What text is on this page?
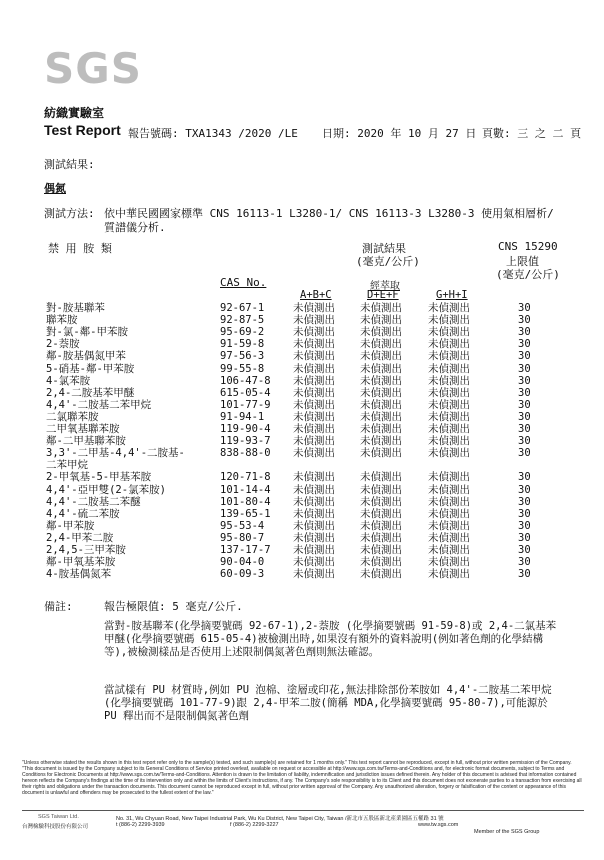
SGS
紡織實驗室
Test Report 報告號碼: TXA1343 /2020 /LE 日期: 2020 年 10 月 27 日 頁數: 三 之 二 頁
測試結果:
偶氮
測試方法: 依中華民國國家標準 CNS 16113-1 L3280-1/ CNS 16113-3 L3280-3 使用氣相層析/
質譜儀分析.
禁 用 胺 類	測試結果
(毫克/公斤)
CNS 15290
上限值
(毫克/公斤)
CAS No.	經萃取
A+B+C	D+E+F	G+H+I
對-胺基聯苯	92-67-1	未偵測出 未偵測出 未偵測出	30
聯苯胺	92-87-5	未偵測出 未偵測出 未偵測出	30
對-氯-鄰-甲苯胺	95-69-2	未偵測出 未偵測出 未偵測出	30
2-萘胺	91-59-8	未偵測出 未偵測出 未偵測出	30
鄰-胺基偶氮甲苯	97-56-3	未偵測出 未偵測出 未偵測出	30
5-硝基-鄰-甲苯胺	99-55-8	未偵測出 未偵測出 未偵測出	30
4-氯苯胺	106-47-8 未偵測出 未偵測出 未偵測出	30
2,4-二胺基苯甲醚	615-05-4 未偵測出 未偵測出 未偵測出	30
4,4'-二胺基二苯甲烷	101-77-9 未偵測出 未偵測出 未偵測出	30
二氯聯苯胺	91-94-1	未偵測出 未偵測出 未偵測出	30
二甲氧基聯苯胺	119-90-4 未偵測出 未偵測出 未偵測出	30
鄰-二甲基聯苯胺	119-93-7 未偵測出 未偵測出 未偵測出	30
3,3'-二甲基-4,4'-二胺基-	838-88-0 未偵測出 未偵測出 未偵測出	30
二苯甲烷
2-甲氧基-5-甲基苯胺	120-71-8 未偵測出 未偵測出 未偵測出	30
4,4'-亞甲雙(2-氯苯胺)	101-14-4 未偵測出 未偵測出 未偵測出	30
4,4'-二胺基二苯醚	101-80-4 未偵測出 未偵測出 未偵測出	30
4,4'-硫二苯胺	139-65-1 未偵測出 未偵測出 未偵測出	30
鄰-甲苯胺	95-53-4	未偵測出 未偵測出 未偵測出	30
2,4-甲苯二胺	95-80-7	未偵測出 未偵測出 未偵測出	30
2,4,5-三甲苯胺	137-17-7 未偵測出 未偵測出 未偵測出	30
鄰-甲氧基苯胺	90-04-0	未偵測出 未偵測出 未偵測出	30
4-胺基偶氮苯	60-09-3	未偵測出 未偵測出 未偵測出	30
備註:	報告極限值: 5 毫克/公斤.
當對-胺基聯苯(化學摘要號碼 92-67-1),2-萘胺 (化學摘要號碼 91-59-8)或 2,4-二氯基苯甲醚(化學摘要號碼 615-05-4)被檢測出時,如果沒有額外的資料說明(例如著色劑的化學結構等),被檢測樣品是否使用上述限制偶氮著色劑則無法確認。
當試樣有 PU 材質時,例如 PU 泡棉、塗層或印花,無法排除部份苯胺如 4,4'-二胺基二苯甲烷(化學摘要號碼 101-77-9)跟 2,4-甲苯二胺(簡稱 MDA,化學摘要號碼 95-80-7),可能源於 PU 釋出而不是限制偶氮著色劑
"Unless otherwise stated the results shown in this test report refer only to the sample(s) tested, and such sample(s) are retained for 1 months only." This test report cannot be reproduced, except in full, without prior written permission of the Company. "This document is issued by the Company subject to its General Conditions of Service printed overleaf, available on request or accessible at http://www.sgs.com.tw/Terms-and-Conditions and, for electronic format documents, subject to Terms and Conditions for Electronic Documents at http://www.sgs.com.tw/Terms-and-Conditions. Attention is drawn to the limitation of liability, indemnification and jurisdiction issues defined therein. Any holder of this document is advised that information contained hereon reflects the Company's findings at the time of its intervention only and within the limits of Client's instructions, if any. The Company's sole responsibility is to its Client and this document does not exonerate parties to a transaction from exercising all their rights and obligations under the transaction documents. This document cannot be reproduced except in full, without prior written approval of the Company. Any unauthorized alteration, forgery or falsification of the content or appearance of this document is unlawful and offenders may be prosecuted to the fullest extent of the law."
SGS Taiwan Ltd.
台灣檢驗科技股份有限公司
No. 31, Wu Chyuan Road, New Taipei Industrial Park, Wu Ku District, New Taipei City, Taiwan /新北市五股區新北產業園區五權路 31 號
t (886-2) 2299-3939	f (886-2) 2299-3227	www.tw.sgs.com
Member of the SGS Group
